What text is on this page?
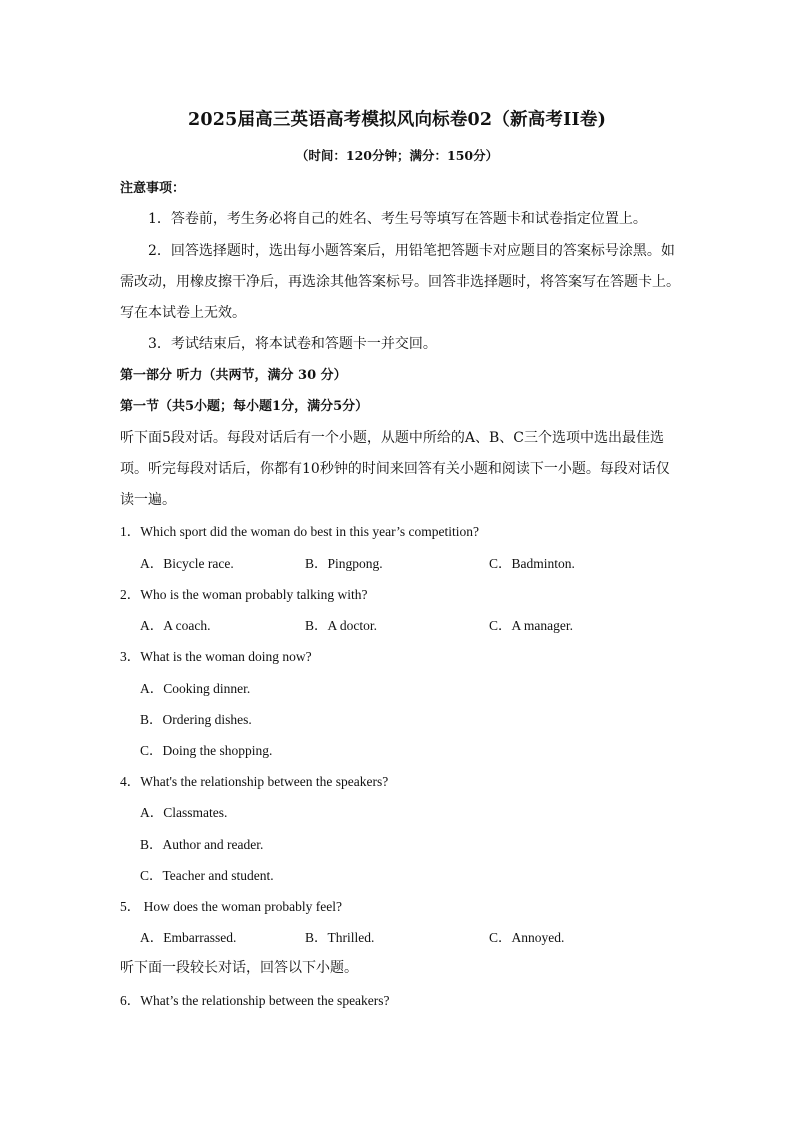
2025届高三英语高考模拟风向标卷02（新高考II卷)
（时间：120分钟；满分：150分）
注意事项：
1．答卷前，考生务必将自己的姓名、考生号等填写在答题卡和试卷指定位置上。
2．回答选择题时，选出每小题答案后，用铅笔把答题卡对应题目的答案标号涂黑。如
需改动，用橡皮擦干净后，再选涂其他答案标号。回答非选择题时，将答案写在答题卡上。
写在本试卷上无效。
3．考试结束后，将本试卷和答题卡一并交回。
第一部分 听力（共两节，满分 30 分）
第一节（共5小题；每小题1分，满分5分）
听下面5段对话。每段对话后有一个小题，从题中所给的A、B、C三个选项中选出最佳选
项。听完每段对话后，你都有10秒钟的时间来回答有关小题和阅读下一小题。每段对话仅
读一遍。
1．Which sport did the woman do best in this year’s competition?
A．Bicycle race.	B．Pingpong.	C．Badminton.
2．Who is the woman probably talking with?
A．A coach.	B．A doctor.	C．A manager.
3．What is the woman doing now?
A．Cooking dinner.
B．Ordering dishes.
C．Doing the shopping.
4．What's the relationship between the speakers?
A．Classmates.
B．Author and reader.
C．Teacher and student.
5． How does the woman probably feel?
A．Embarrassed.	B．Thrilled.	C．Annoyed.
听下面一段较长对话，回答以下小题。
6．What’s the relationship between the speakers?
